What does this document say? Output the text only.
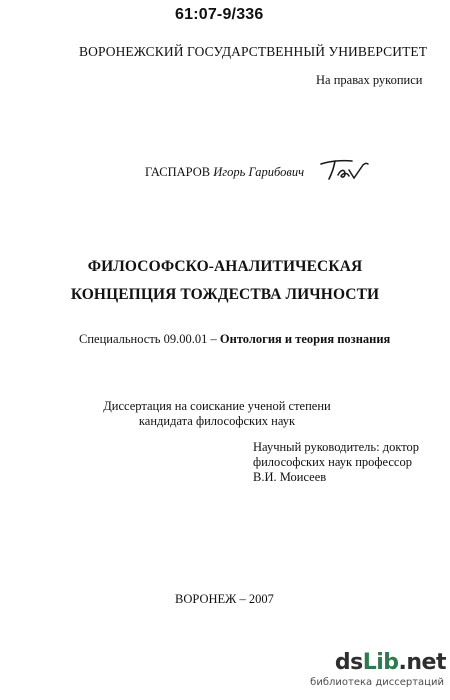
61:07-9/336
ВОРОНЕЖСКИЙ ГОСУДАРСТВЕННЫЙ УНИВЕРСИТЕТ
На правах рукописи
ГАСПАРОВ Игорь Гарибович
ФИЛОСОФСКО-АНАЛИТИЧЕСКАЯ
КОНЦЕПЦИЯ ТОЖДЕСТВА ЛИЧНОСТИ
Специальность 09.00.01 – Онтология и теория познания
Диссертация на соискание ученой степени
кандидата философских наук
Научный руководитель: доктор
философских наук профессор
В.И. Моисеев
ВОРОНЕЖ – 2007
dsLib.net
библиотека диссертаций
